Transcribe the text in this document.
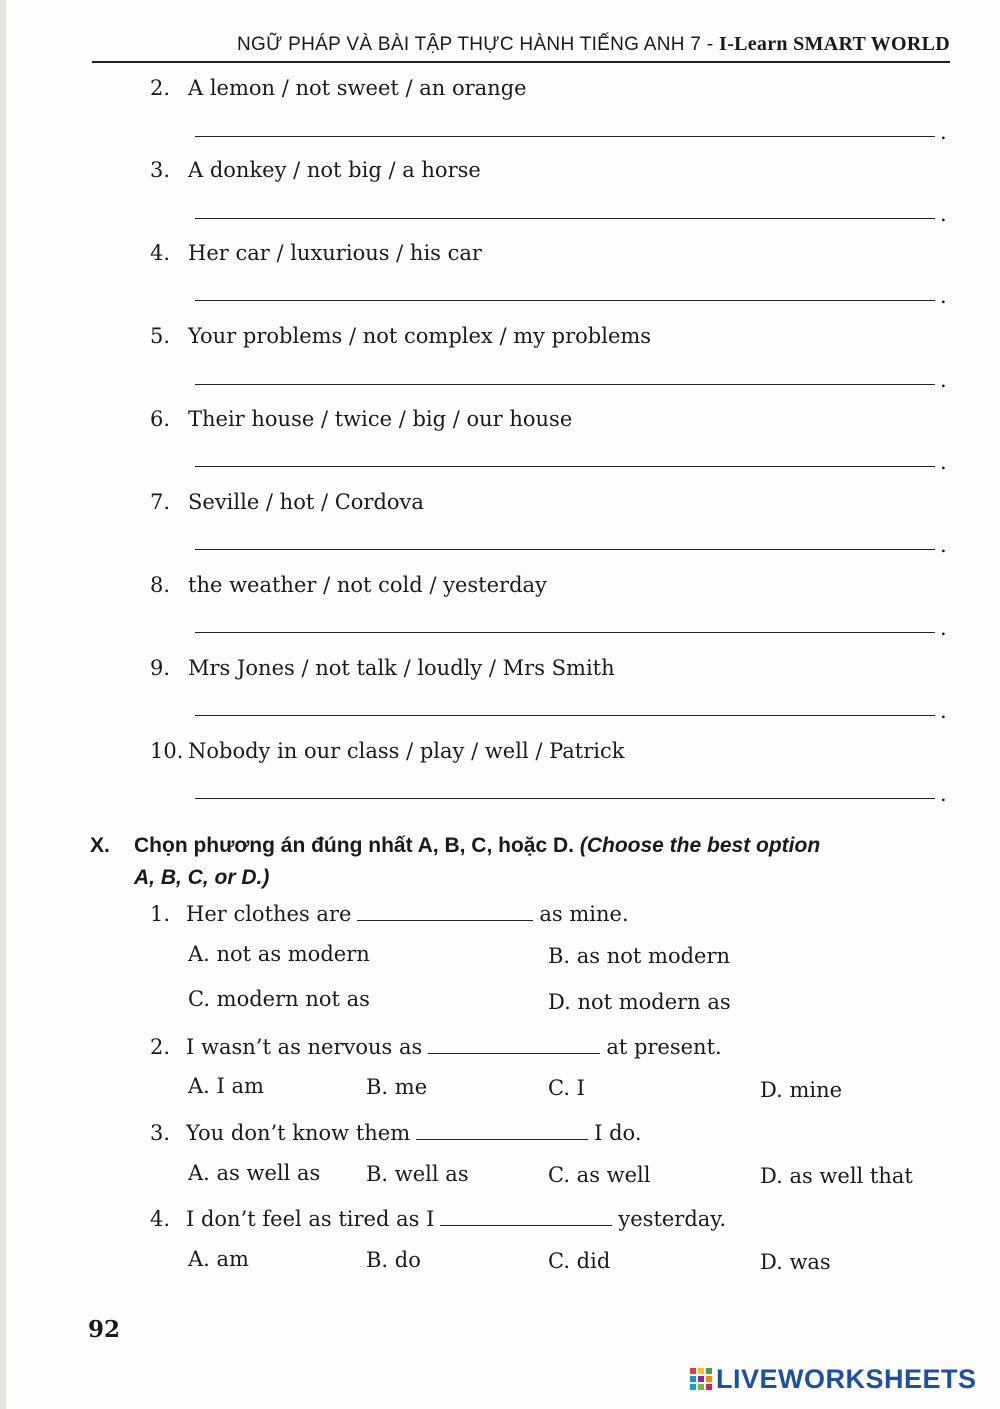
NGỮ PHÁP VÀ BÀI TẬP THỰC HÀNH TIẾNG ANH 7 - I-Learn SMART WORLD
2. A lemon / not sweet / an orange
.
3. A donkey / not big / a horse
.
4. Her car / luxurious / his car
.
5. Your problems / not complex / my problems
.
6. Their house / twice / big / our house
.
7. Seville / hot / Cordova
.
8. the weather / not cold / yesterday
.
9. Mrs Jones / not talk / loudly / Mrs Smith
.
10. Nobody in our class / play / well / Patrick
.
X. Chọn phương án đúng nhất A, B, C, hoặc D. (Choose the best option
A, B, C, or D.)
1. Her clothes are	as mine.
A. not as modern	B. as not modern
C. modern not as	D. not modern as
2. I wasn’t as nervous as	at present.
A. I am	B. me	C. I	D. mine
3. You don’t know them	I do.
A. as well as B. well as	C. as well	D. as well that
4. I don’t feel as tired as I	yesterday.
A. am	B. do	C. did	D. was
92
LIVEWORKSHEETS
